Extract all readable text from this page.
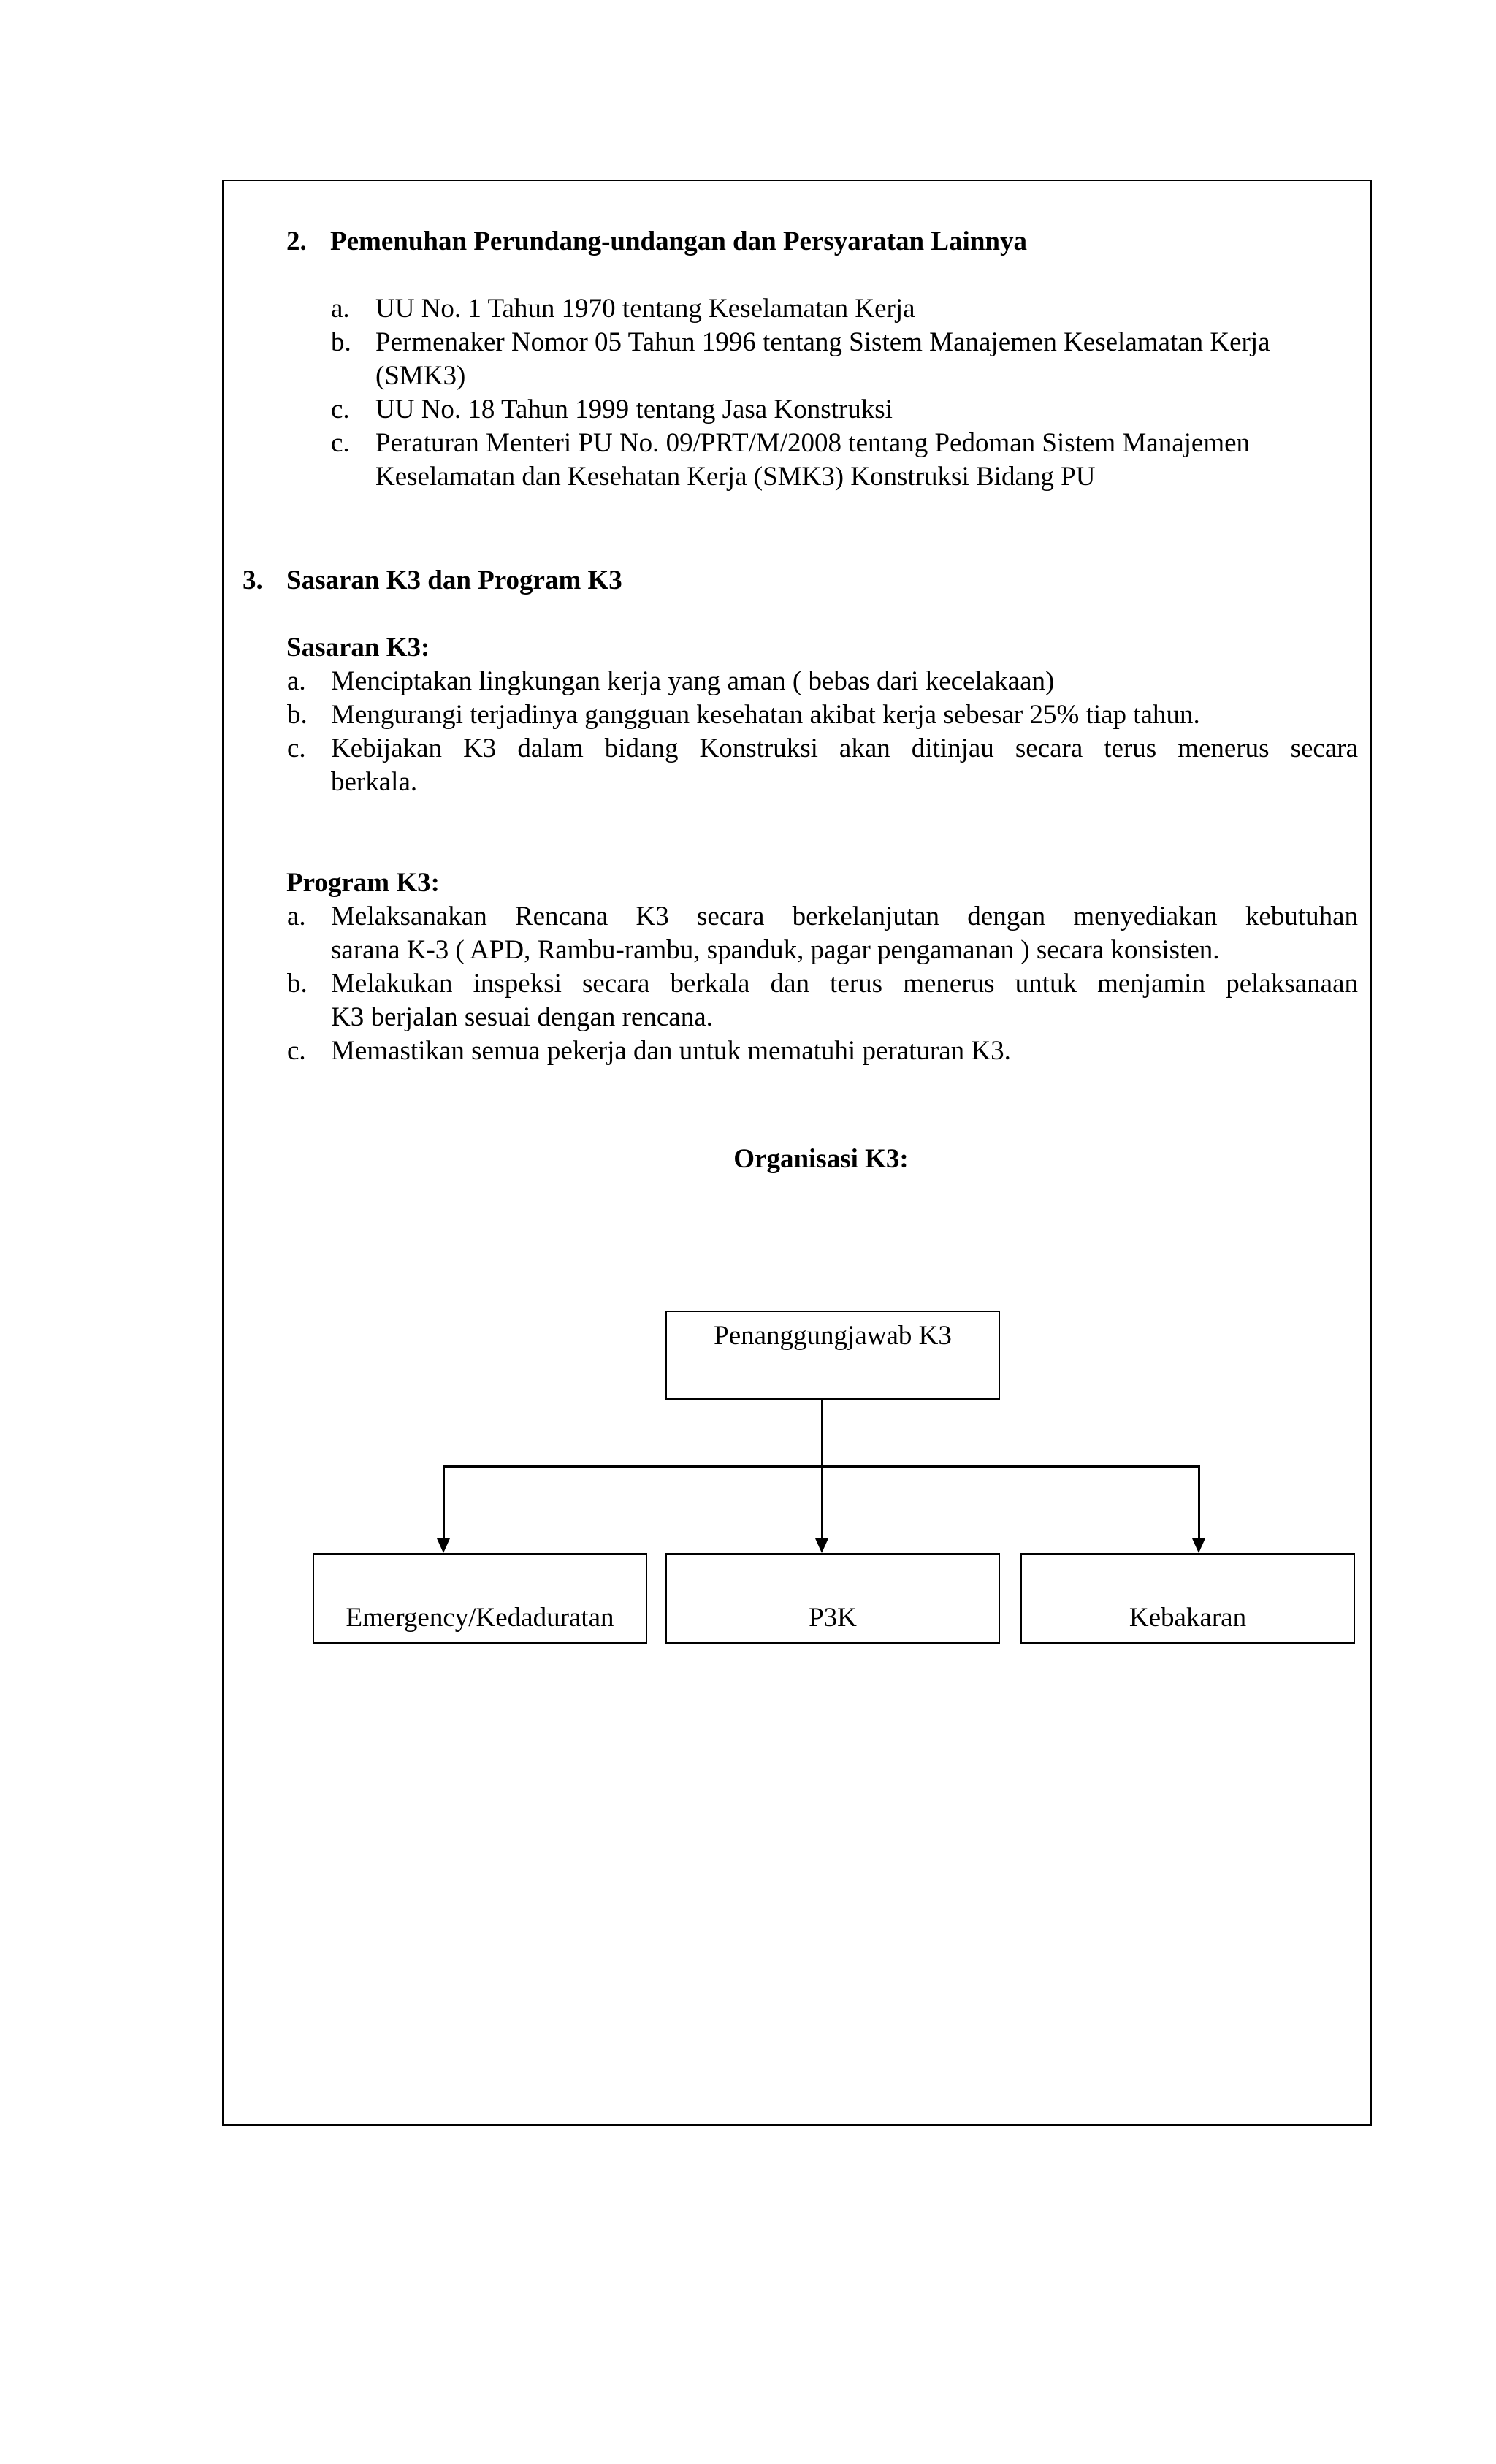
2. Pemenuhan Perundang-undangan dan Persyaratan Lainnya
a. UU No. 1 Tahun 1970 tentang Keselamatan Kerja
b. Permenaker Nomor 05 Tahun 1996 tentang Sistem Manajemen Keselamatan Kerja
(SMK3)
c. UU No. 18 Tahun 1999 tentang Jasa Konstruksi
c. Peraturan Menteri PU No. 09/PRT/M/2008 tentang Pedoman Sistem Manajemen
Keselamatan dan Kesehatan Kerja (SMK3) Konstruksi Bidang PU
3. Sasaran K3 dan Program K3
Sasaran K3:
a. Menciptakan lingkungan kerja yang aman ( bebas dari kecelakaan)
b. Mengurangi terjadinya gangguan kesehatan akibat kerja sebesar 25% tiap tahun.
c. Kebijakan K3 dalam bidang Konstruksi akan ditinjau secara terus menerus secara
berkala.
Program K3:
a. Melaksanakan Rencana K3 secara berkelanjutan dengan menyediakan kebutuhan
sarana K-3 ( APD, Rambu-rambu, spanduk, pagar pengamanan ) secara konsisten.
b. Melakukan inspeksi secara berkala dan terus menerus untuk menjamin pelaksanaan
K3 berjalan sesuai dengan rencana.
c. Memastikan semua pekerja dan untuk mematuhi peraturan K3.
Organisasi K3:
Penanggungjawab K3
Emergency/Kedaduratan	P3K	Kebakaran
